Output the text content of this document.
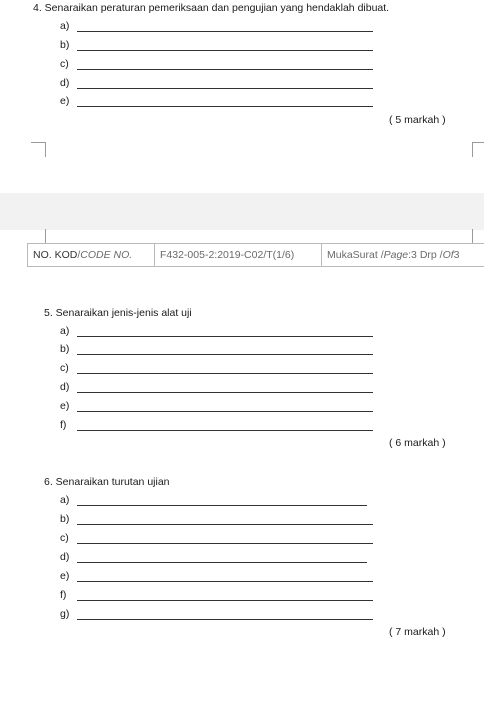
4. Senaraikan peraturan pemeriksaan dan pengujian yang hendaklah dibuat.
a)
b)
c)
d)
e)
( 5 markah )
NO. KOD / CODE NO.	F432-005-2:2019-C02/T(1/6)	MukaSurat / Page :3 Drp / Of 3
5. Senaraikan jenis-jenis alat uji
a)
b)
c)
d)
e)
f)
( 6 markah )
6. Senaraikan turutan ujian
a)
b)
c)
d)
e)
f)
g)
( 7 markah )
